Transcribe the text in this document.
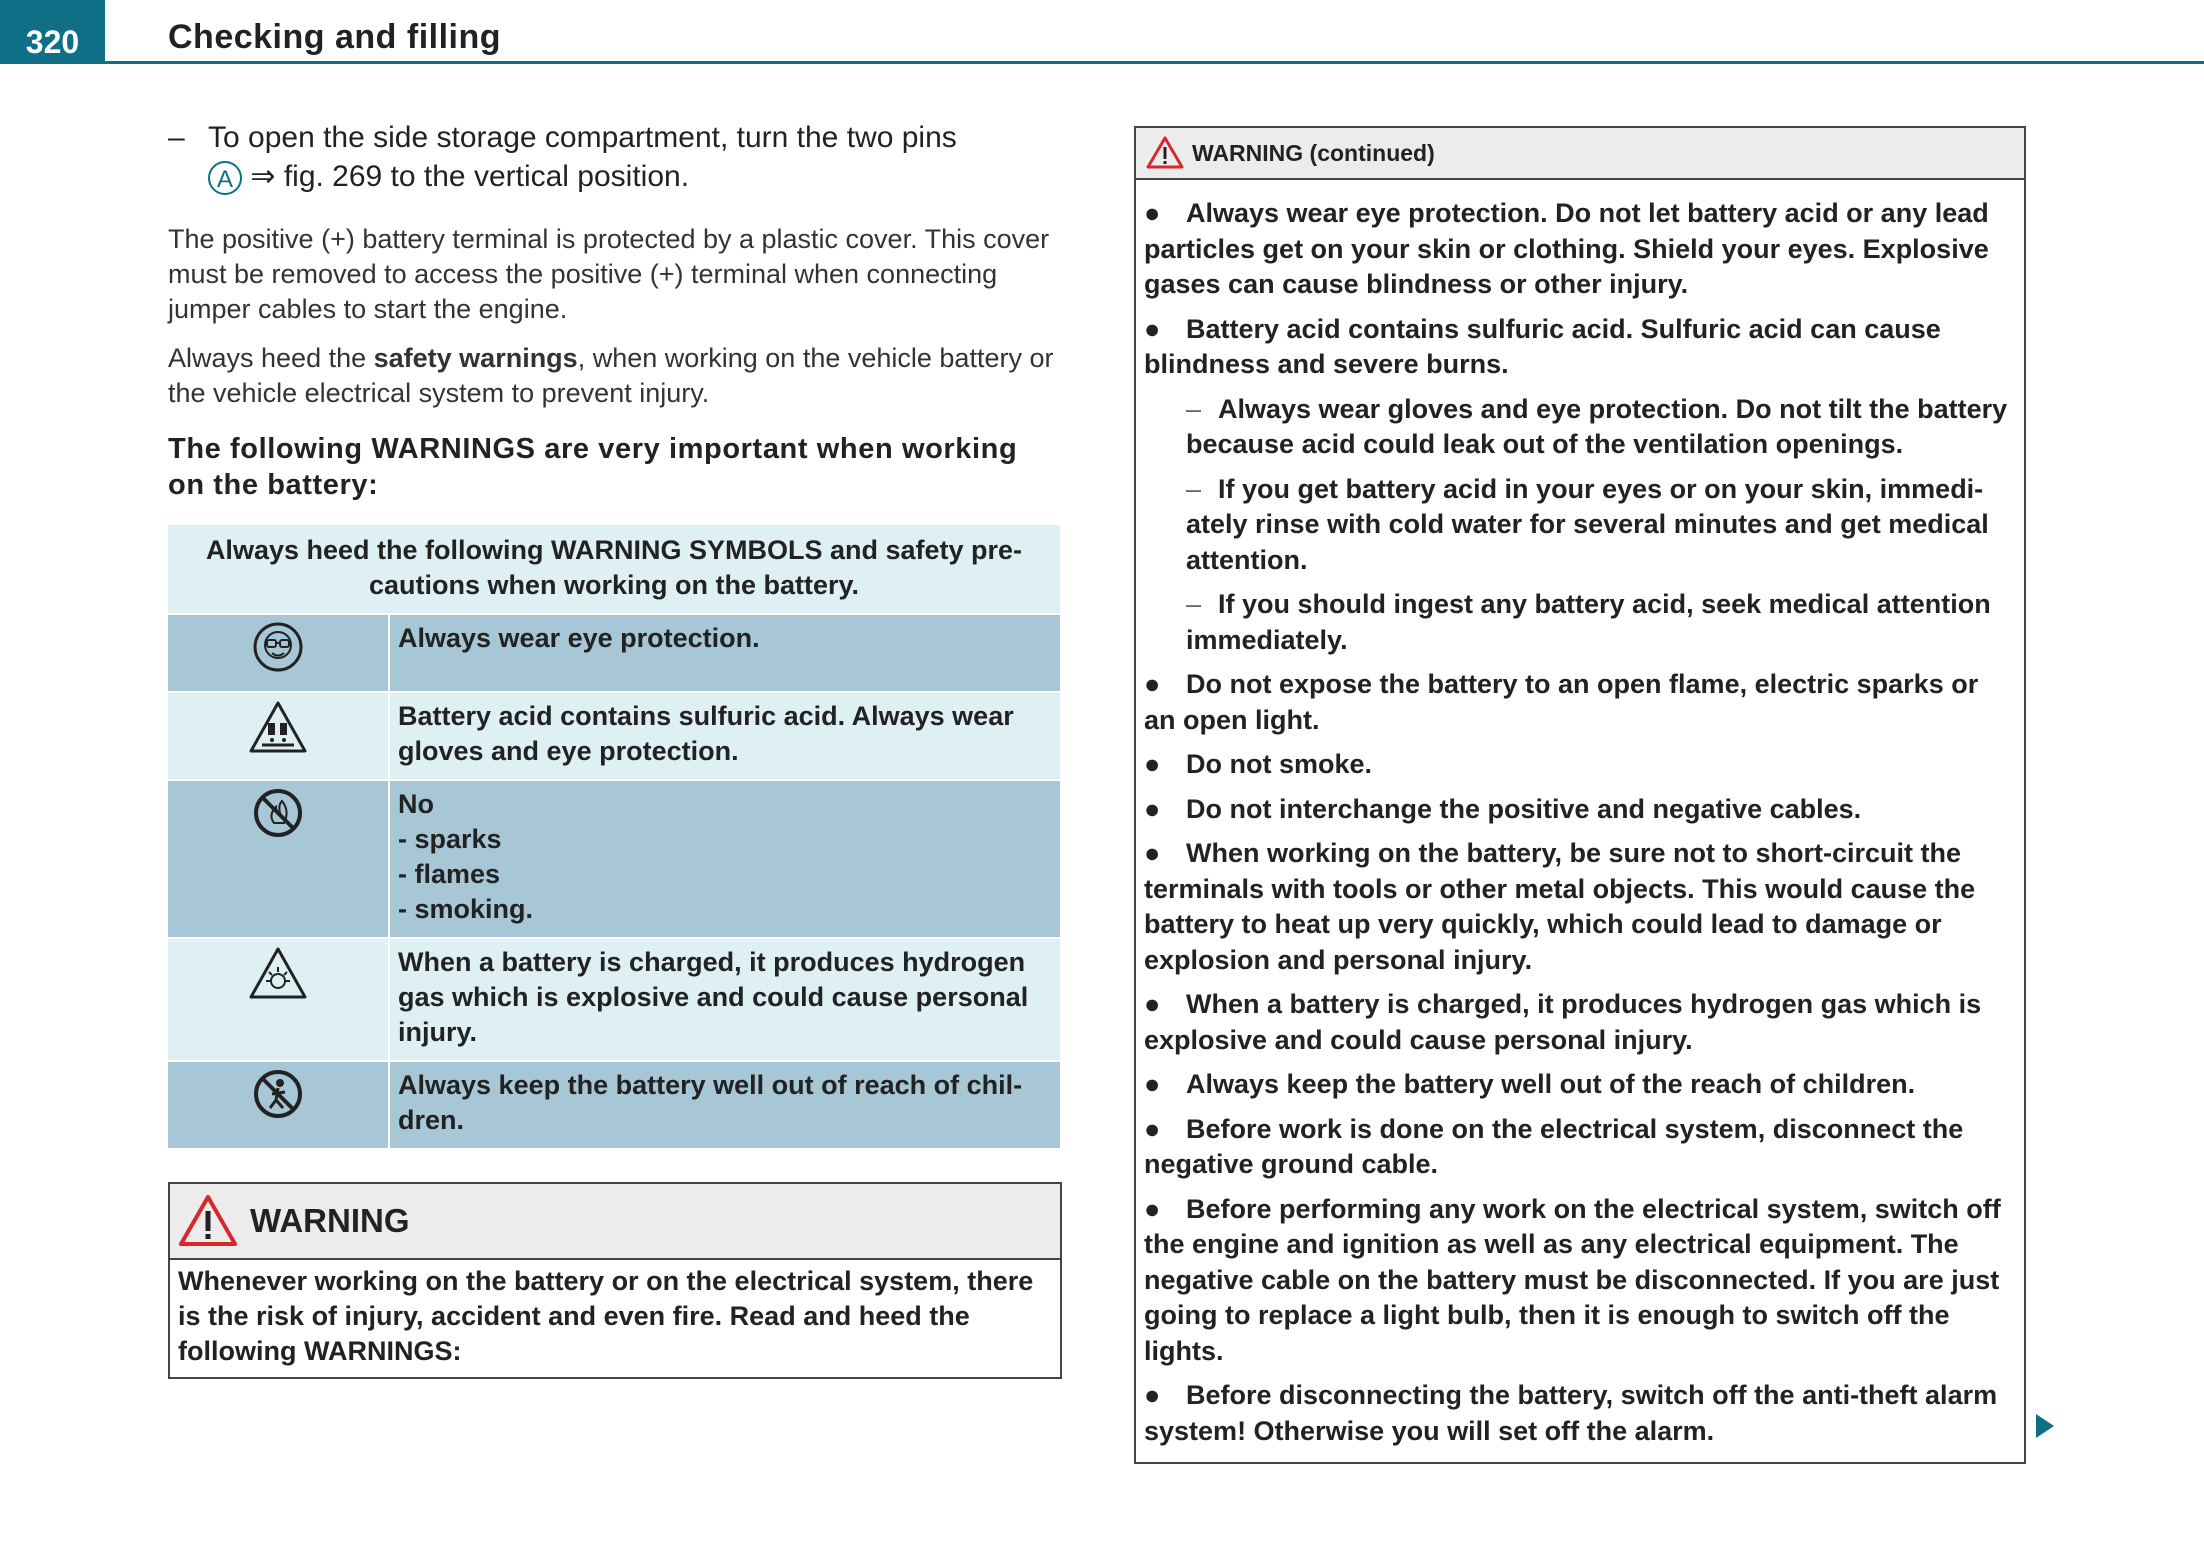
320	Checking and filling
– To open the side storage compartment, turn the two pins
A ⇒ fig. 269 to the vertical position.

The positive (+) battery terminal is protected by a plastic cover. This cover must be removed to access the positive (+) terminal when connecting jumper cables to start the engine.

Always heed the safety warnings, when working on the vehicle battery or the vehicle electrical system to prevent injury.

The following WARNINGS are very important when working on the battery:
Always heed the following WARNING SYMBOLS and safety pre-cautions when working on the battery.	

	Always wear eye protection.

	Battery acid contains sulfuric acid. Always wear gloves and eye protection.

No
- sparks
- flames
- smoking.

	When a battery is charged, it produces hydrogen gas which is explosive and could cause personal injury.

	Always keep the battery well out of reach of chil-dren.
WARNING
Whenever working on the battery or on the electrical system, there is the risk of injury, accident and even fire. Read and heed the following WARNINGS:
WARNING (continued)

● Always wear eye protection. Do not let battery acid or any lead particles get on your skin or clothing. Shield your eyes. Explosive gases can cause blindness or other injury.

● Battery acid contains sulfuric acid. Sulfuric acid can cause blindness and severe burns.

– Always wear gloves and eye protection. Do not tilt the battery because acid could leak out of the ventilation openings.

– If you get battery acid in your eyes or on your skin, immedi-ately rinse with cold water for several minutes and get medical attention.

– If you should ingest any battery acid, seek medical attention immediately.

● Do not expose the battery to an open flame, electric sparks or an open light.

● Do not smoke.

● Do not interchange the positive and negative cables.

● When working on the battery, be sure not to short-circuit the terminals with tools or other metal objects. This would cause the battery to heat up very quickly, which could lead to damage or explosion and personal injury.

● When a battery is charged, it produces hydrogen gas which is explosive and could cause personal injury.

● Always keep the battery well out of the reach of children.

● Before work is done on the electrical system, disconnect the negative ground cable.

● Before performing any work on the electrical system, switch off the engine and ignition as well as any electrical equipment. The negative cable on the battery must be disconnected. If you are just going to replace a light bulb, then it is enough to switch off the lights.

● Before disconnecting the battery, switch off the anti-theft alarm system! Otherwise you will set off the alarm.
